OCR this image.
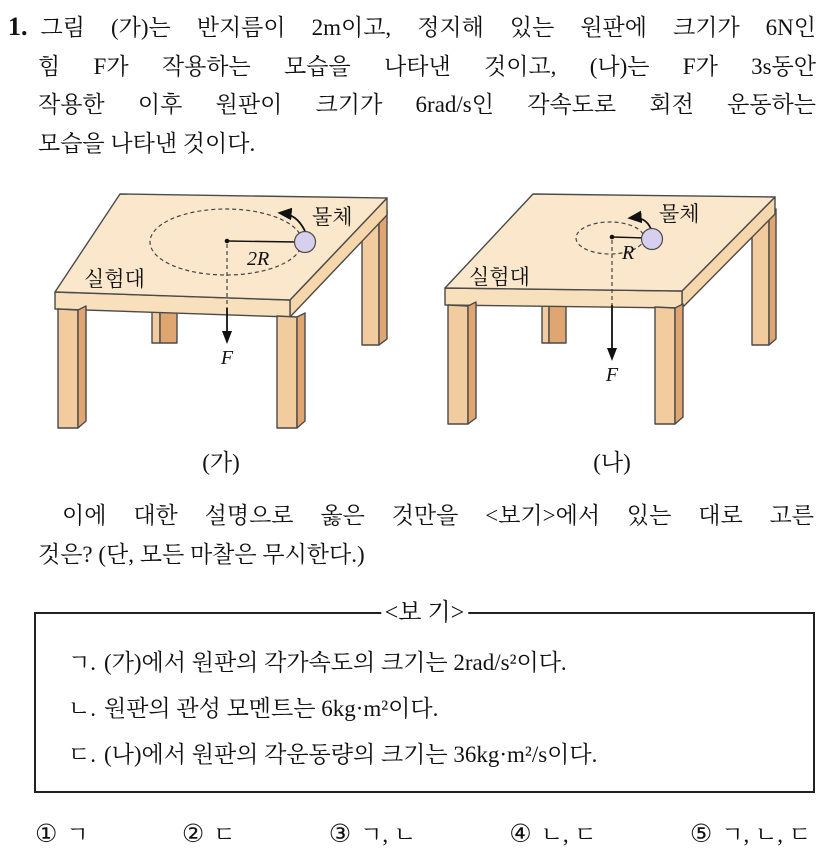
1. 그림 (가)는 반지름이 2m이고, 정지해 있는 원판에 크기가 6N인
힘 F가 작용하는 모습을 나타낸 것이고, (나)는 F가 3s동안
작용한 이후 원판이 크기가 6rad/s인 각속도로 회전 운동하는
모습을 나타낸 것이다.
2R
물체
F
실험대
(가)
R
물체
F
실험대
(나)
이에 대한 설명으로 옳은 것만을 <보기>에서 있는 대로 고른
것은? (단, 모든 마찰은 무시한다.)
<보 기>
ㄱ. (가)에서 원판의 각가속도의 크기는 2rad/s²이다.
ㄴ. 원판의 관성 모멘트는 6kg·m²이다.
ㄷ. (나)에서 원판의 각운동량의 크기는 36kg·m²/s이다.
① ㄱ	② ㄷ	③ ㄱ, ㄴ	④ ㄴ, ㄷ	⑤ ㄱ, ㄴ, ㄷ
